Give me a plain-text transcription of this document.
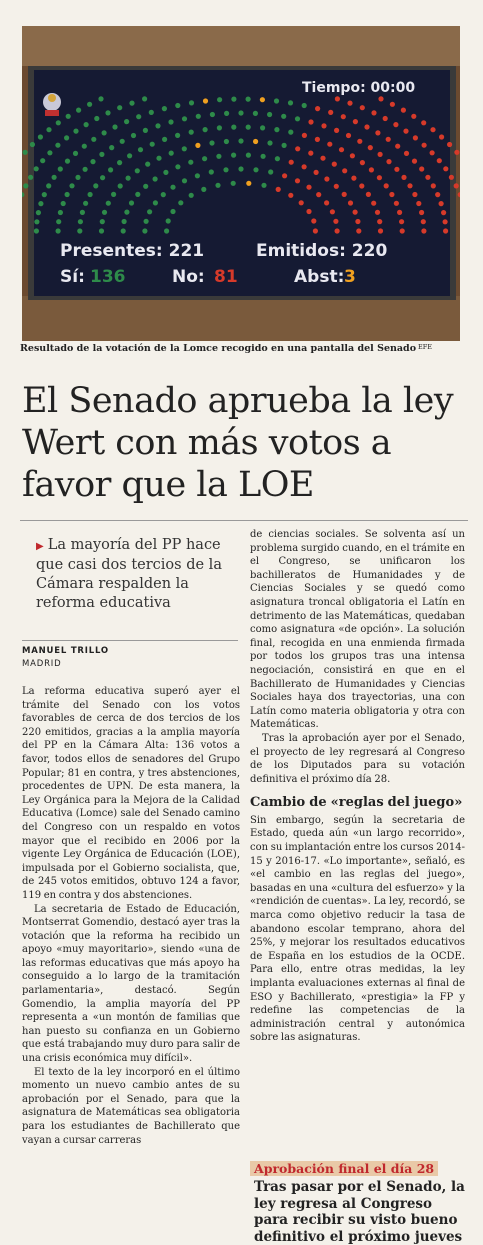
Tiempo: 00:00
Presentes: 221	Emitidos: 220
Sí: 136	No: 81	Abst: 3
Resultado de la votación de la Lomce recogido en una pantalla del Senado $^{EFE}$
El Senado aprueba la ley Wert con más votos a favor que la LOE

▶ La mayoría del PP hace que casi dos tercios de la Cámara respalden la reforma educativa

MANUEL TRILLO
MADRID

La reforma educativa superó ayer el trámite del Senado con los votos favorables de cerca de dos tercios de los 220 emitidos, gracias a la amplia mayoría del PP en la Cámara Alta: 136 votos a favor, todos ellos de senadores del Grupo Popular; 81 en contra, y tres abstenciones, procedentes de UPN. De esta manera, la Ley Orgánica para la Mejora de la Calidad Educativa (Lomce) sale del Senado camino del Congreso con un respaldo en votos mayor que el recibido en 2006 por la vigente Ley Orgánica de Educación (LOE), impulsada por el Gobierno socialista, que, de 245 votos emitidos, obtuvo 124 a favor, 119 en contra y dos abstenciones.

La secretaria de Estado de Educación, Montserrat Gomendio, destacó ayer tras la votación que la reforma ha recibido un apoyo «muy mayoritario», siendo «una de las reformas educativas que más apoyo ha conseguido a lo largo de la tramitación parlamentaria», destacó. Según Gomendio, la amplia mayoría del PP representa a «un montón de familias que han puesto su confianza en un Gobierno que está trabajando muy duro para salir de una crisis económica muy difícil».

El texto de la ley incorporó en el último momento un nuevo cambio antes de su aprobación por el Senado, para que la asignatura de Matemáticas sea obligatoria para los estudiantes de Bachillerato que vayan a cursar carreras

de ciencias sociales. Se solventa así un problema surgido cuando, en el trámite en el Congreso, se unificaron los bachilleratos de Humanidades y de Ciencias Sociales y se quedó como asignatura troncal obligatoria el Latín en detrimento de las Matemáticas, quedaban como asignatura «de opción». La solución final, recogida en una enmienda firmada por todos los grupos tras una intensa negociación, consistirá en que en el Bachillerato de Humanidades y Ciencias Sociales haya dos trayectorias, una con Latín como materia obligatoria y otra con Matemáticas.

Tras la aprobación ayer por el Senado, el proyecto de ley regresará al Congreso de los Diputados para su votación definitiva el próximo día 28.

Cambio de «reglas del juego»

Sin embargo, según la secretaria de Estado, queda aún «un largo recorrido», con su implantación entre los cursos 2014-15 y 2016-17. «Lo importante», señaló, es «el cambio en las reglas del juego», basadas en una «cultura del esfuerzo» y la «rendición de cuentas». La ley, recordó, se marca como objetivo reducir la tasa de abandono escolar temprano, ahora del 25%, y mejorar los resultados educativos de España en los estudios de la OCDE. Para ello, entre otras medidas, la ley implanta evaluaciones externas al final de ESO y Bachillerato, «prestigia» la FP y redefine las competencias de la administración central y autonómica sobre las asignaturas.

Aprobación final el día 28
Tras pasar por el Senado, la ley regresa al Congreso para recibir su visto bueno definitivo el próximo jueves
